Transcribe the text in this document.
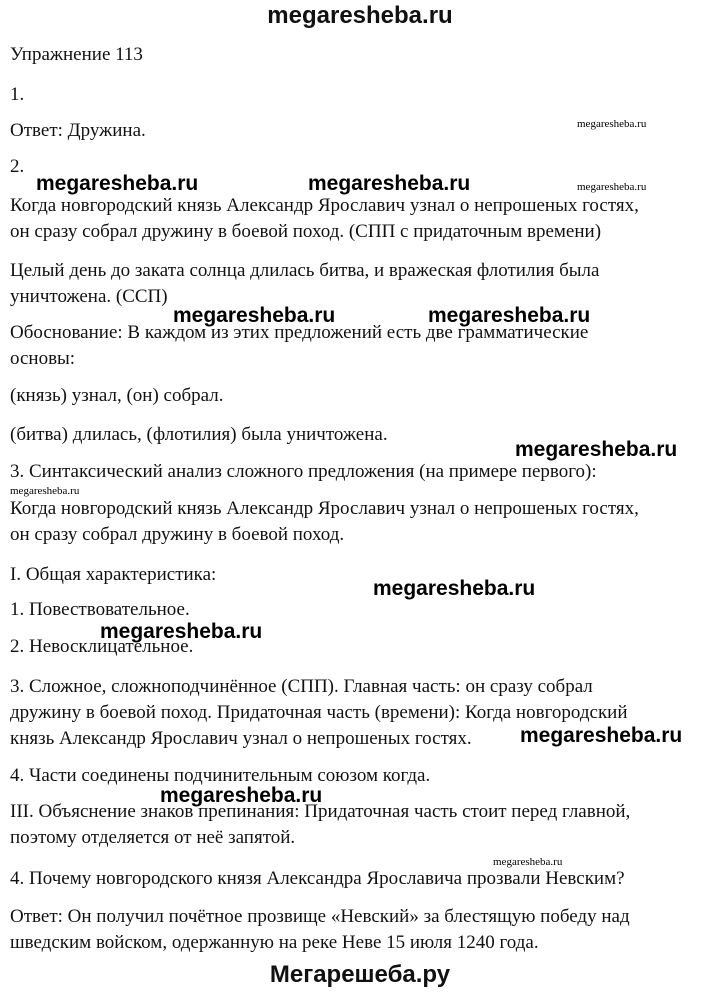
megaresheba.ru
Упражнение 113
1.
Ответ: Дружина.
2.
Когда новгородский князь Александр Ярославич узнал о непрошеных гостях,
он сразу собрал дружину в боевой поход. (СПП с придаточным времени)
Целый день до заката солнца длилась битва, и вражеская флотилия была
уничтожена. (ССП)
Обоснование: В каждом из этих предложений есть две грамматические
основы:
(князь) узнал, (он) собрал.
(битва) длилась, (флотилия) была уничтожена.
3. Синтаксический анализ сложного предложения (на примере первого):
Когда новгородский князь Александр Ярославич узнал о непрошеных гостях,
он сразу собрал дружину в боевой поход.
I. Общая характеристика:
1. Повествовательное.
2. Невосклицательное.
3. Сложное, сложноподчинённое (СПП). Главная часть: он сразу собрал
дружину в боевой поход. Придаточная часть (времени): Когда новгородский
князь Александр Ярославич узнал о непрошеных гостях.
4. Части соединены подчинительным союзом когда.
III. Объяснение знаков препинания: Придаточная часть стоит перед главной,
поэтому отделяется от неё запятой.
4. Почему новгородского князя Александра Ярославича прозвали Невским?
Ответ: Он получил почётное прозвище «Невский» за блестящую победу над
шведским войском, одержанную на реке Неве 15 июля 1240 года.
megaresheba.ru
megaresheba.ru	megaresheba.ru	megaresheba.ru
megaresheba.ru	megaresheba.ru
megaresheba.ru
megaresheba.ru
megaresheba.ru
megaresheba.ru
megaresheba.ru
megaresheba.ru
megaresheba.ru
Мегарешеба.ру
